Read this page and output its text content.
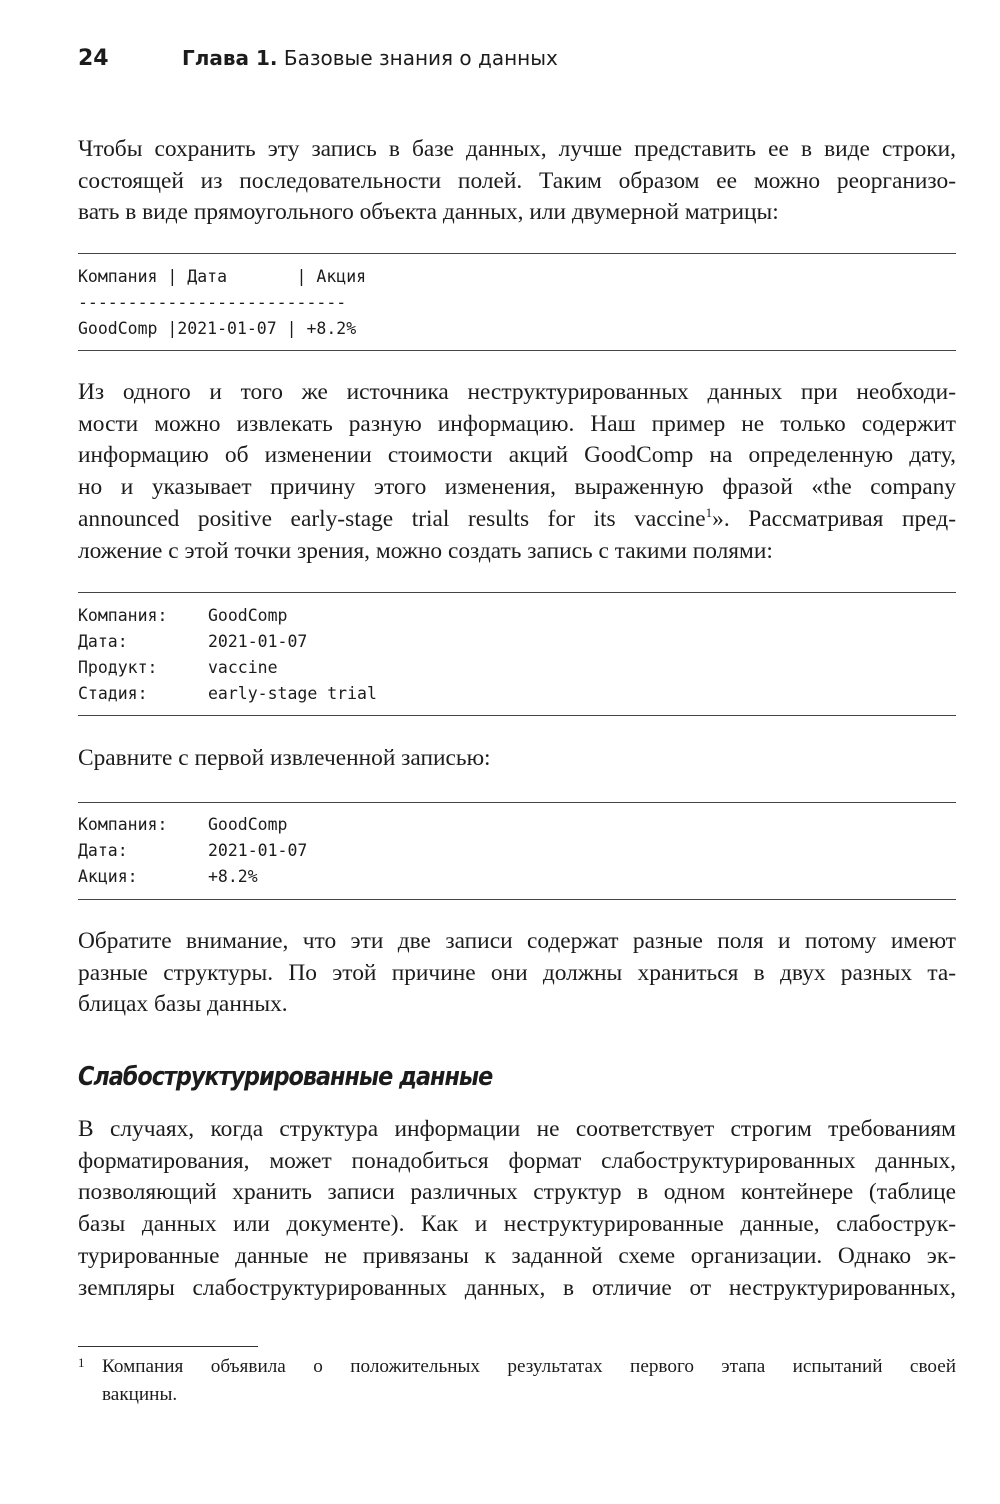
24	Глава 1. Базовые знания о данных

Чтобы сохранить эту запись в базе данных, лучше представить ее в виде строки,
состоящей из последовательности полей. Таким образом ее можно реорганизо-
вать в виде прямоугольного объекта данных, или двумерной матрицы:

Компания | Дата       | Акция
---------------------------
GoodComp |2021-01-07 | +8.2%

Из одного и того же источника неструктурированных данных при необходи-
мости можно извлекать разную информацию. Наш пример не только содержит
информацию об изменении стоимости акций GoodComp на определенную дату,
но и указывает причину этого изменения, выраженную фразой «the company
announced positive early-stage trial results for its vaccine$^1$». Рассматривая пред-
ложение с этой точки зрения, можно создать запись с такими полями:

Компания: GoodComp
Дата:	2021-01-07
Продукт:	vaccine
Стадия:	early-stage trial

Сравните с первой извлеченной записью:

Компания: GoodComp
Дата:	2021-01-07
Акция:	+8.2%

Обратите внимание, что эти две записи содержат разные поля и потому имеют
разные структуры. По этой причине они должны храниться в двух разных та-
блицах базы данных.

Слабоструктурированные данные

В случаях, когда структура информации не соответствует строгим требованиям
форматирования, может понадобиться формат слабоструктурированных данных,
позволяющий хранить записи различных структур в одном контейнере (таблице
базы данных или документе). Как и неструктурированные данные, слабострук-
турированные данные не привязаны к заданной схеме организации. Однако эк-
земпляры слабоструктурированных данных, в отличие от неструктурированных,

1 Компания объявила о положительных результатах первого этапа испытаний своей
вакцины.
